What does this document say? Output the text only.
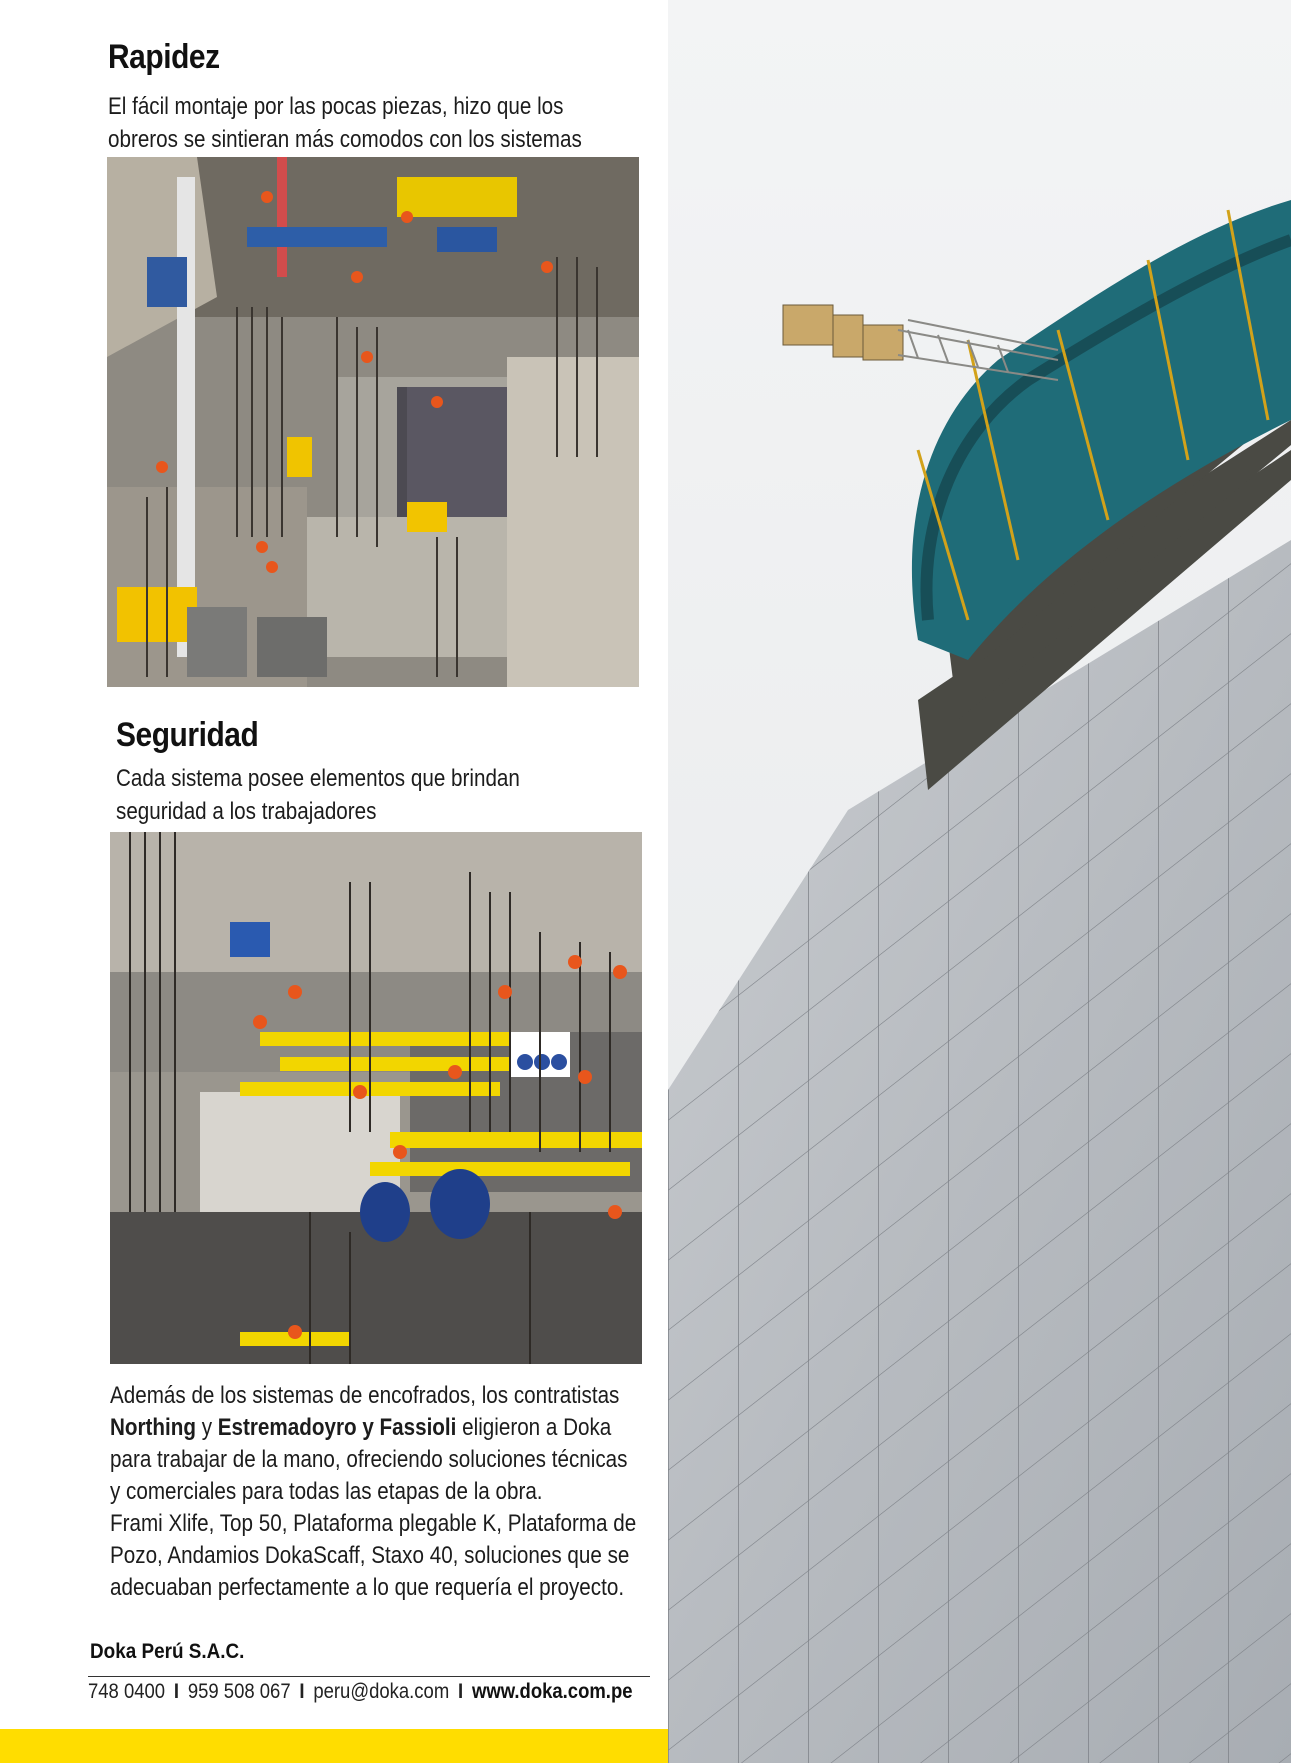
Rapidez

El fácil montaje por las pocas piezas, hizo que los

obreros se sintieran más comodos con los sistemas

Seguridad

Cada sistema posee elementos que brindan

seguridad a los trabajadores

Además de los sistemas de encofrados, los contratistas

Northing y Estremadoyro y Fassioli eligieron a Doka

para trabajar de la mano, ofreciendo soluciones técnicas

y comerciales para todas las etapas de la obra.

Frami Xlife, Top 50, Plataforma plegable K, Plataforma de

Pozo, Andamios DokaScaff, Staxo 40, soluciones que se

adecuaban perfectamente a lo que requería el proyecto.

Doka Perú S.A.C.
748 0400 I 959 508 067 I peru@doka.com I www.doka.com.pe
